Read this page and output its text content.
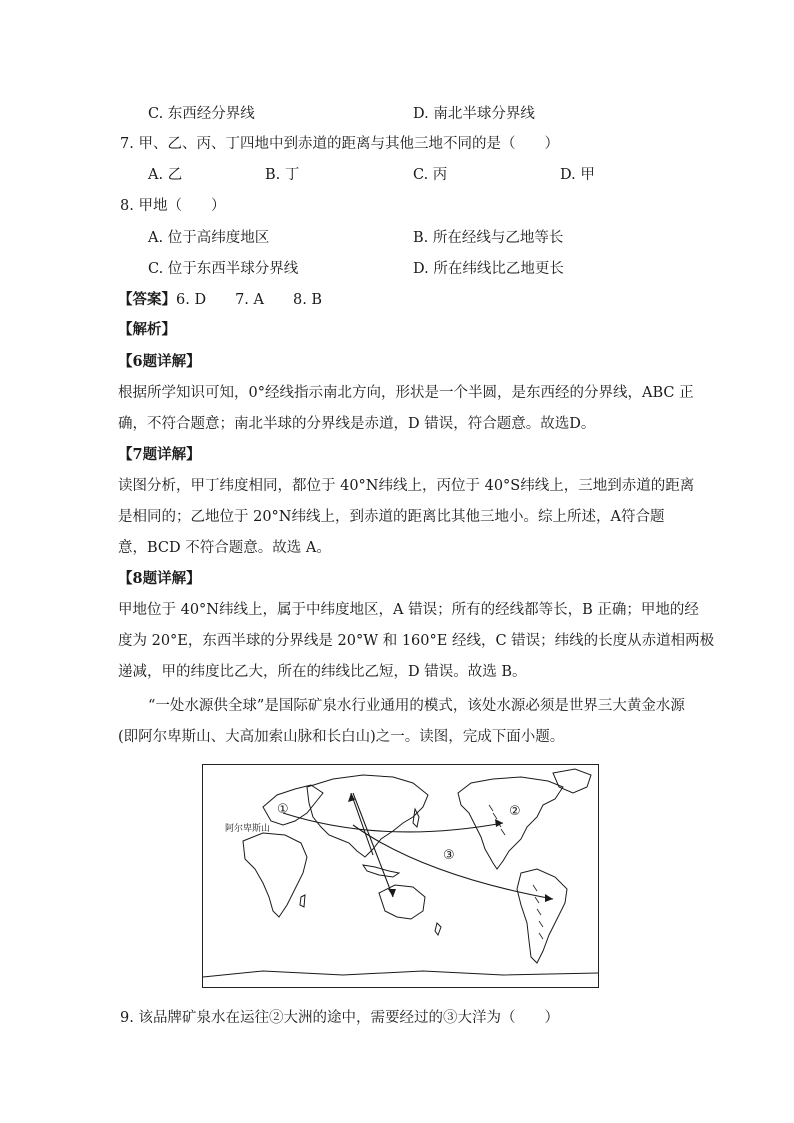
C. 东西经分界线	D. 南北半球分界线
7. 甲、乙、丙、丁四地中到赤道的距离与其他三地不同的是（　　）
A. 乙	B. 丁	C. 丙	D. 甲
8. 甲地（　　）
A. 位于高纬度地区	B. 所在经线与乙地等长
C. 位于东西半球分界线	D. 所在纬线比乙地更长
【答案】6. D　　7. A　　8. B
【解析】
【6题详解】
根据所学知识可知，0°经线指示南北方向，形状是一个半圆，是东西经的分界线，ABC 正
确，不符合题意；南北半球的分界线是赤道，D 错误，符合题意。故选D。
【7题详解】
读图分析，甲丁纬度相同，都位于 40°N纬线上，丙位于 40°S纬线上，三地到赤道的距离
是相同的；乙地位于 20°N纬线上，到赤道的距离比其他三地小。综上所述，A符合题
意，BCD 不符合题意。故选 A。
【8题详解】
甲地位于 40°N纬线上，属于中纬度地区，A 错误；所有的经线都等长，B 正确；甲地的经
度为 20°E，东西半球的分界线是 20°W 和 160°E 经线，C 错误；纬线的长度从赤道相两极
递减，甲的纬度比乙大，所在的纬线比乙短，D 错误。故选 B。
“一处水源供全球”是国际矿泉水行业通用的模式，该处水源必须是世界三大黄金水源
(即阿尔卑斯山、大高加索山脉和长白山)之一。读图，完成下面小题。
①	②
③
阿尔卑斯山
9. 该品牌矿泉水在运往②大洲的途中，需要经过的③大洋为（　　）
